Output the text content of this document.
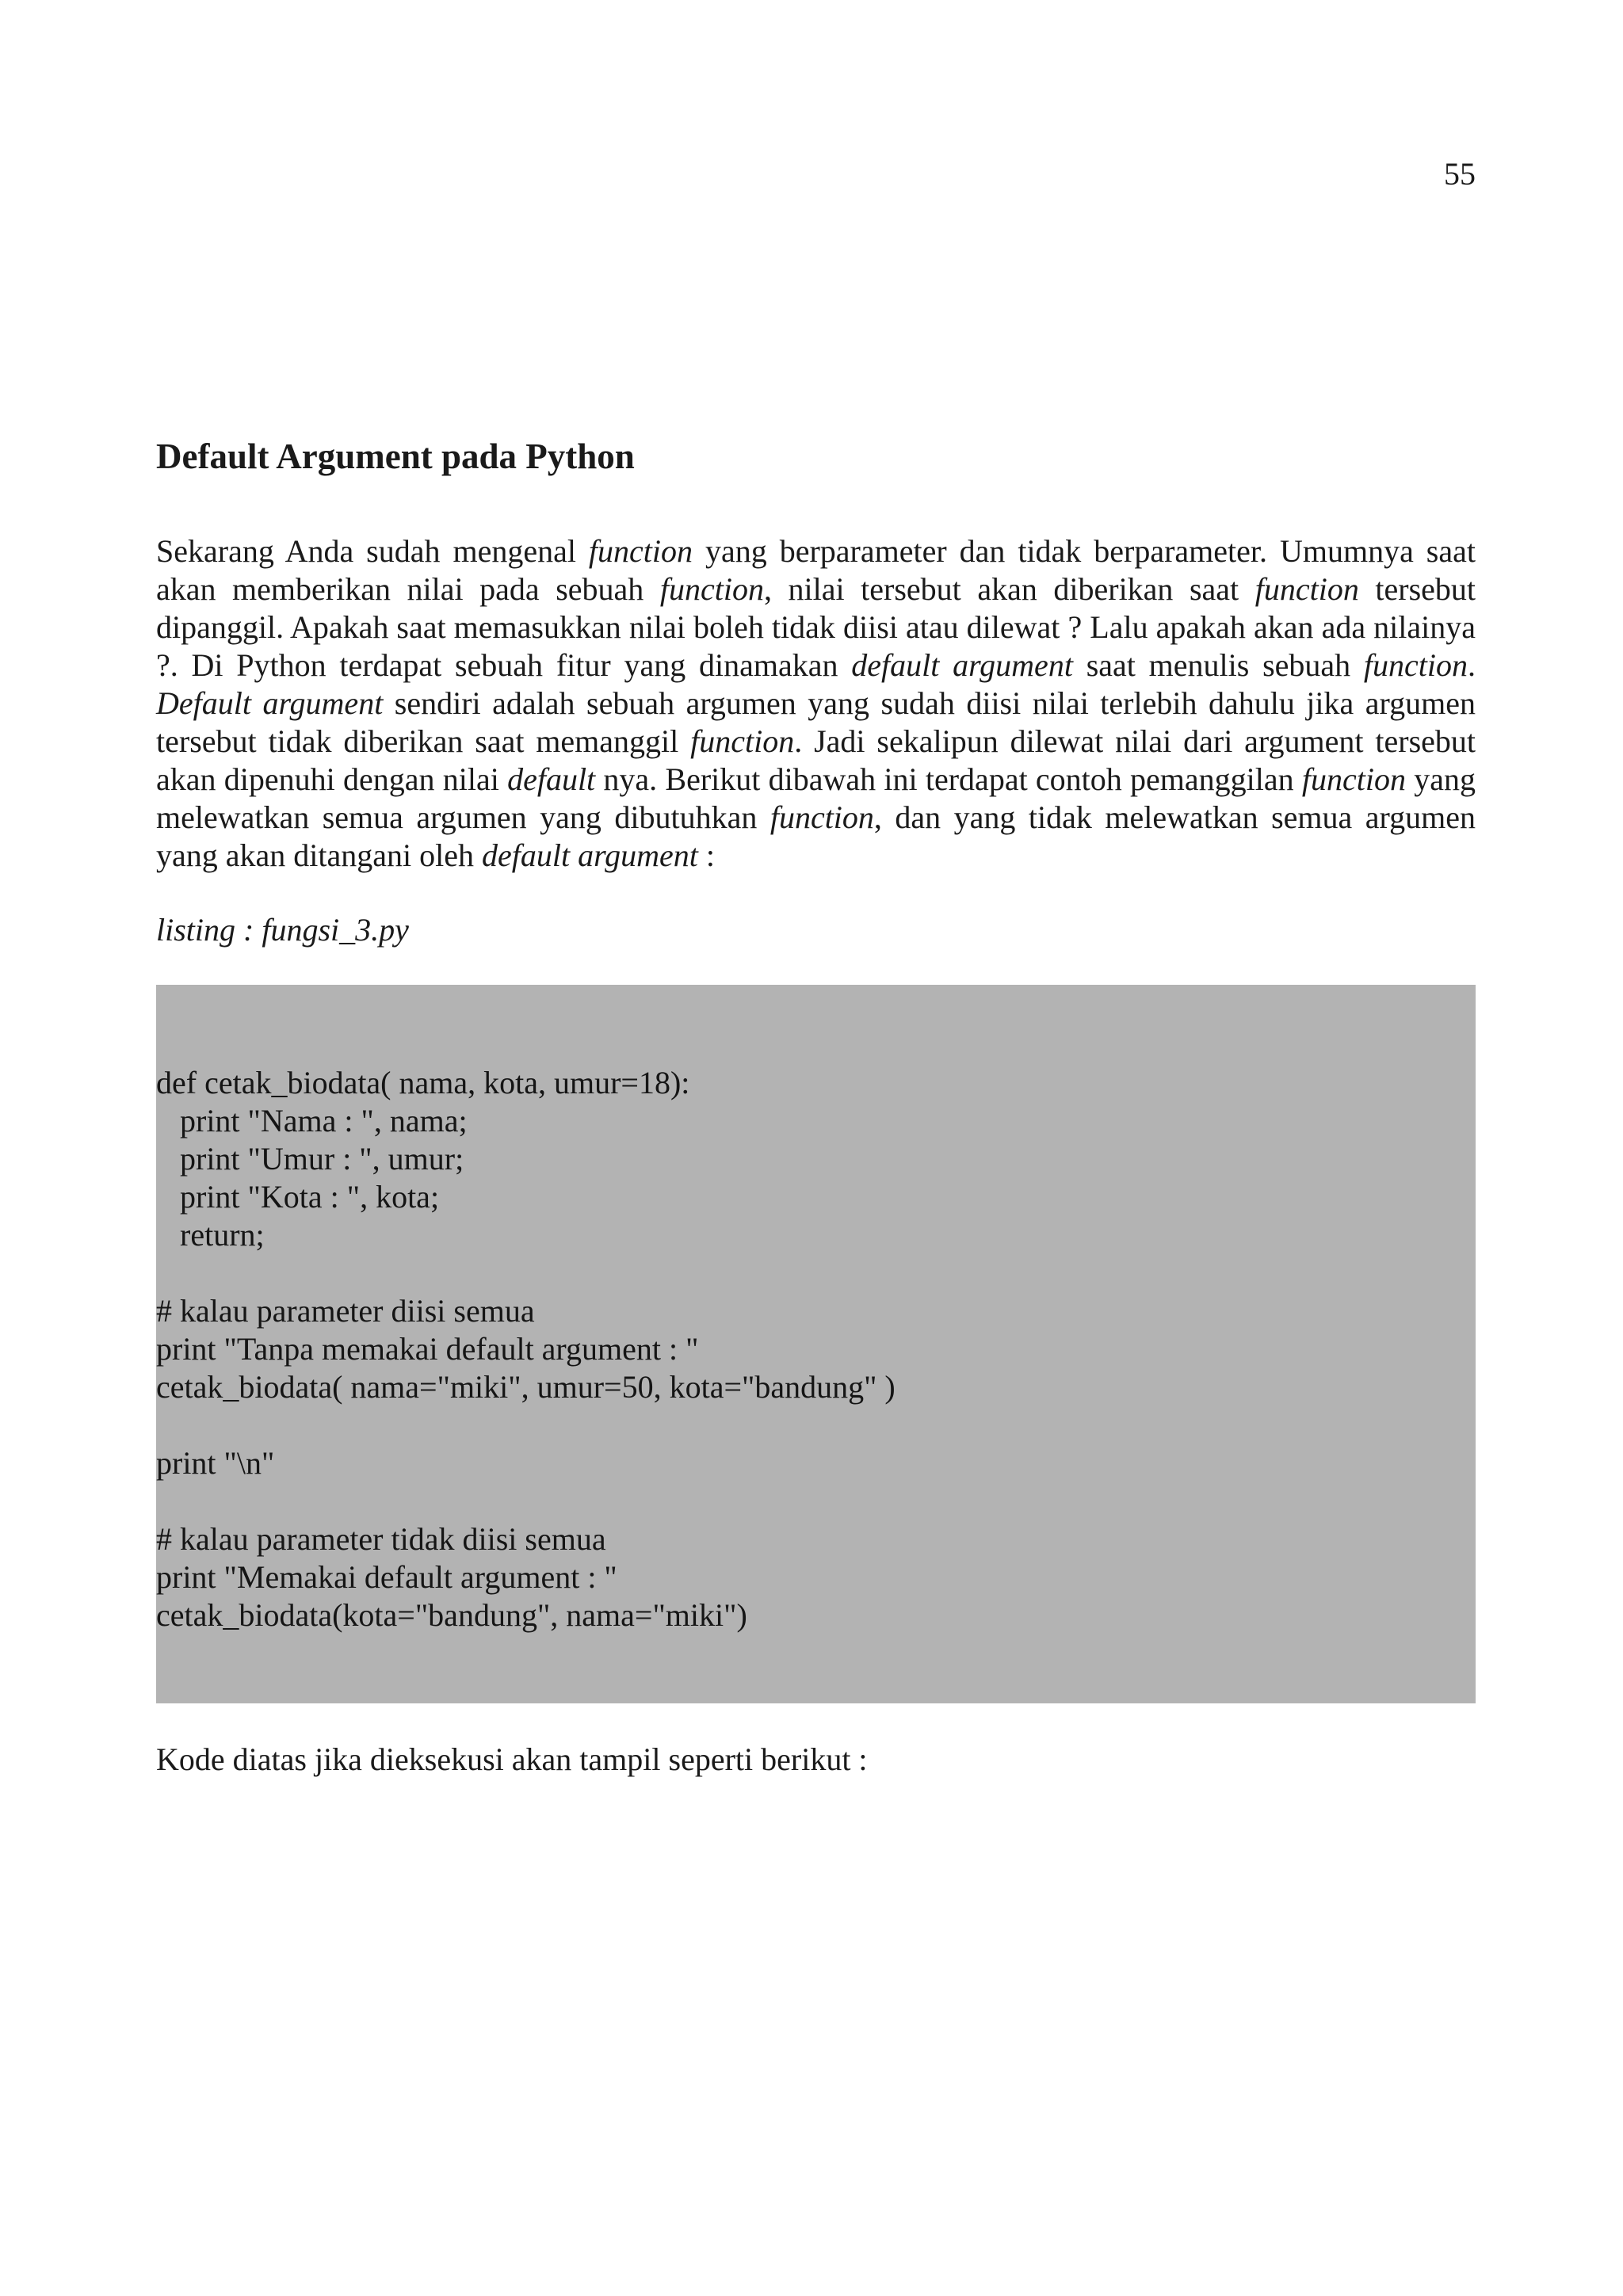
55
Default Argument pada Python

Sekarang Anda sudah mengenal function yang berparameter dan tidak berparameter. Umumnya saat akan memberikan nilai pada sebuah function, nilai tersebut akan diberikan saat function tersebut dipanggil. Apakah saat memasukkan nilai boleh tidak diisi atau dilewat ? Lalu apakah akan ada nilainya ?. Di Python terdapat sebuah fitur yang dinamakan default argument saat menulis sebuah function. Default argument sendiri adalah sebuah argumen yang sudah diisi nilai terlebih dahulu jika argumen tersebut tidak diberikan saat memanggil function. Jadi sekalipun dilewat nilai dari argument tersebut akan dipenuhi dengan nilai default nya. Berikut dibawah ini terdapat contoh pemanggilan function yang melewatkan semua argumen yang dibutuhkan function, dan yang tidak melewatkan semua argumen yang akan ditangani oleh default argument :

listing : fungsi_3.py

def cetak_biodata( nama, kota, umur=18):
print "Nama : ", nama;
print "Umur : ", umur;
print "Kota : ", kota;
return;
# kalau parameter diisi semua
print "Tanpa memakai default argument : "
cetak_biodata( nama="miki", umur=50, kota="bandung" )
print "\n"
# kalau parameter tidak diisi semua
print "Memakai default argument : "
cetak_biodata(kota="bandung", nama="miki")

Kode diatas jika dieksekusi akan tampil seperti berikut :
